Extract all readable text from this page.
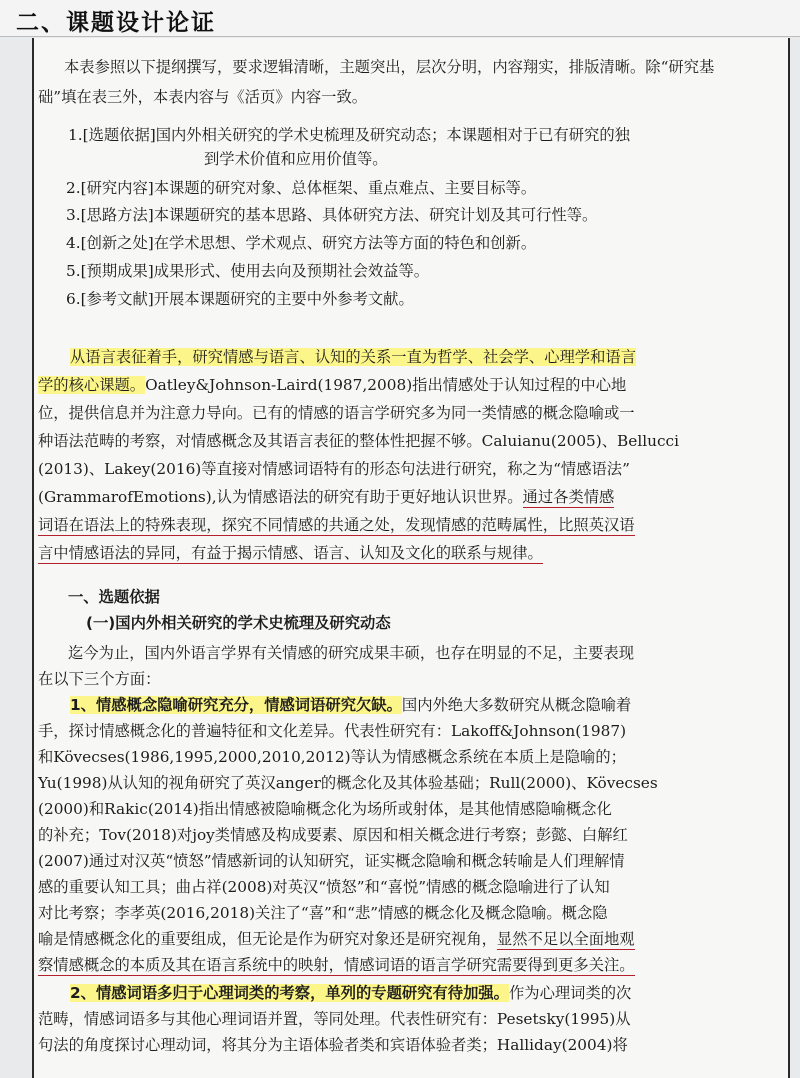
二、课题设计论证
本表参照以下提纲撰写，要求逻辑清晰，主题突出，层次分明，内容翔实，排版清晰。除“研究基
础”填在表三外，本表内容与《活页》内容一致。
1.[选题依据]国内外相关研究的学术史梳理及研究动态；本课题相对于已有研究的独
到学术价值和应用价值等。
2.[研究内容]本课题的研究对象、总体框架、重点难点、主要目标等。
3.[思路方法]本课题研究的基本思路、具体研究方法、研究计划及其可行性等。
4.[创新之处]在学术思想、学术观点、研究方法等方面的特色和创新。
5.[预期成果]成果形式、使用去向及预期社会效益等。
6.[参考文献]开展本课题研究的主要中外参考文献。
从语言表征着手，研究情感与语言、认知的关系一直为哲学、社会学、心理学和语言
学的核心课题。Oatley&Johnson-Laird(1987,2008)指出情感处于认知过程的中心地
位，提供信息并为注意力导向。已有的情感的语言学研究多为同一类情感的概念隐喻或一
种语法范畴的考察，对情感概念及其语言表征的整体性把握不够。Caluianu(2005)、Bellucci
(2013)、Lakey(2016)等直接对情感词语特有的形态句法进行研究，称之为“情感语法”
(GrammarofEmotions),认为情感语法的研究有助于更好地认识世界。通过各类情感
词语在语法上的特殊表现，探究不同情感的共通之处，发现情感的范畴属性，比照英汉语
言中情感语法的异同，有益于揭示情感、语言、认知及文化的联系与规律。
一、选题依据
(一)国内外相关研究的学术史梳理及研究动态
迄今为止，国内外语言学界有关情感的研究成果丰硕，也存在明显的不足，主要表现
在以下三个方面：
1、情感概念隐喻研究充分，情感词语研究欠缺。国内外绝大多数研究从概念隐喻着
手，探讨情感概念化的普遍特征和文化差异。代表性研究有：Lakoff&Johnson(1987)
和Kövecses(1986,1995,2000,2010,2012)等认为情感概念系统在本质上是隐喻的；
Yu(1998)从认知的视角研究了英汉anger的概念化及其体验基础；Rull(2000)、Kövecses
(2000)和Rakic(2014)指出情感被隐喻概念化为场所或射体，是其他情感隐喻概念化
的补充；Tov(2018)对joy类情感及构成要素、原因和相关概念进行考察；彭懿、白解红
(2007)通过对汉英“愤怒”情感新词的认知研究，证实概念隐喻和概念转喻是人们理解情
感的重要认知工具；曲占祥(2008)对英汉“愤怒”和“喜悦”情感的概念隐喻进行了认知
对比考察；李孝英(2016,2018)关注了“喜”和“悲”情感的概念化及概念隐喻。概念隐
喻是情感概念化的重要组成，但无论是作为研究对象还是研究视角，显然不足以全面地观
察情感概念的本质及其在语言系统中的映射，情感词语的语言学研究需要得到更多关注。
2、情感词语多归于心理词类的考察，单列的专题研究有待加强。作为心理词类的次
范畴，情感词语多与其他心理词语并置，等同处理。代表性研究有：Pesetsky(1995)从
句法的角度探讨心理动词，将其分为主语体验者类和宾语体验者类；Halliday(2004)将
